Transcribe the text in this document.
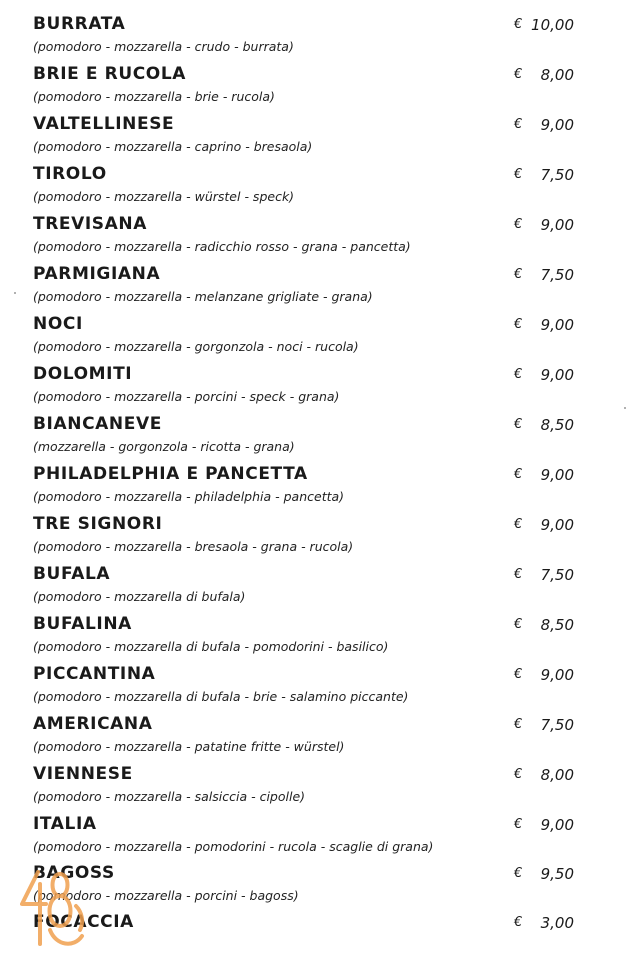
BURRATA
(pomodoro - mozzarella - crudo - burrata)
€ 10,00
BRIE E RUCOLA
(pomodoro - mozzarella - brie - rucola)
€ 8,00
VALTELLINESE
(pomodoro - mozzarella - caprino - bresaola)
€ 9,00
TIROLO
(pomodoro - mozzarella - würstel - speck)
€ 7,50
TREVISANA
(pomodoro - mozzarella - radicchio rosso - grana - pancetta)
€ 9,00
PARMIGIANA
(pomodoro - mozzarella - melanzane grigliate - grana)
€ 7,50
NOCI
(pomodoro - mozzarella - gorgonzola - noci - rucola)
€ 9,00
DOLOMITI
(pomodoro - mozzarella - porcini - speck - grana)
€ 9,00
BIANCANEVE
(mozzarella - gorgonzola - ricotta - grana)
€ 8,50
PHILADELPHIA E PANCETTA
(pomodoro - mozzarella - philadelphia - pancetta)
€ 9,00
TRE SIGNORI
(pomodoro - mozzarella - bresaola - grana - rucola)
€ 9,00
BUFALA
(pomodoro - mozzarella di bufala)
€ 7,50
BUFALINA
(pomodoro - mozzarella di bufala - pomodorini - basilico)
€ 8,50
PICCANTINA
(pomodoro - mozzarella di bufala - brie - salamino piccante)
€ 9,00
AMERICANA
(pomodoro - mozzarella - patatine fritte - würstel)
€ 7,50
VIENNESE
(pomodoro - mozzarella - salsiccia - cipolle)
€ 8,00
ITALIA
(pomodoro - mozzarella - pomodorini - rucola - scaglie di grana)
€ 9,00
BAGOSS
(pomodoro - mozzarella - porcini - bagoss)
€ 9,50
FOCACCIA	€ 3,00
